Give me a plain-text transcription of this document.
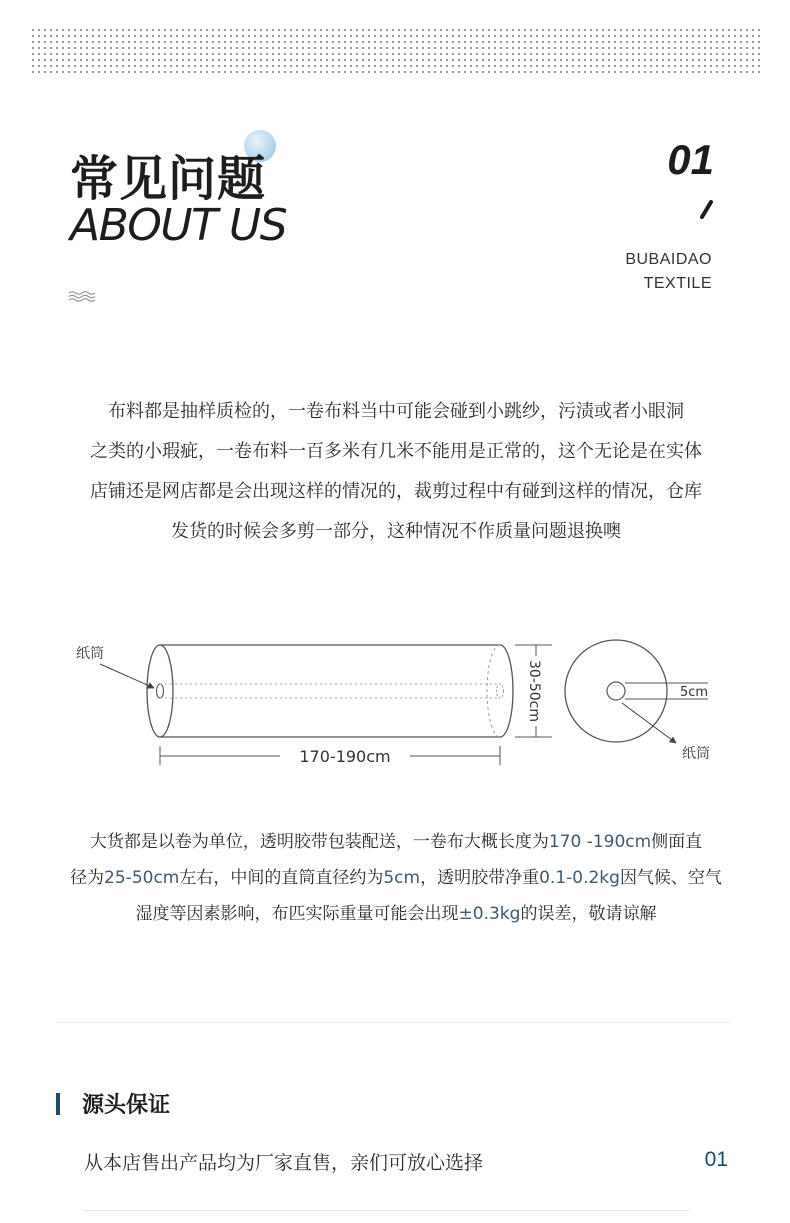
常见问题
ABOUT US
01
BUBAIDAO
TEXTILE
布料都是抽样质检的，一卷布料当中可能会碰到小跳纱，污渍或者小眼洞
之类的小瑕疵，一卷布料一百多米有几米不能用是正常的，这个无论是在实体
店铺还是网店都是会出现这样的情况的，裁剪过程中有碰到这样的情况，仓库
发货的时候会多剪一部分，这种情况不作质量问题退换噢
纸筒
170-190cm
30-50cm	5cm
纸筒
大货都是以卷为单位，透明胶带包装配送，一卷布大概长度为170 -190cm侧面直
径为25-50cm左右，中间的直筒直径约为5cm，透明胶带净重0.1-0.2kg因气候、空气
湿度等因素影响，布匹实际重量可能会出现±0.3kg的误差，敬请谅解
源头保证
从本店售出产品均为厂家直售，亲们可放心选择	01
